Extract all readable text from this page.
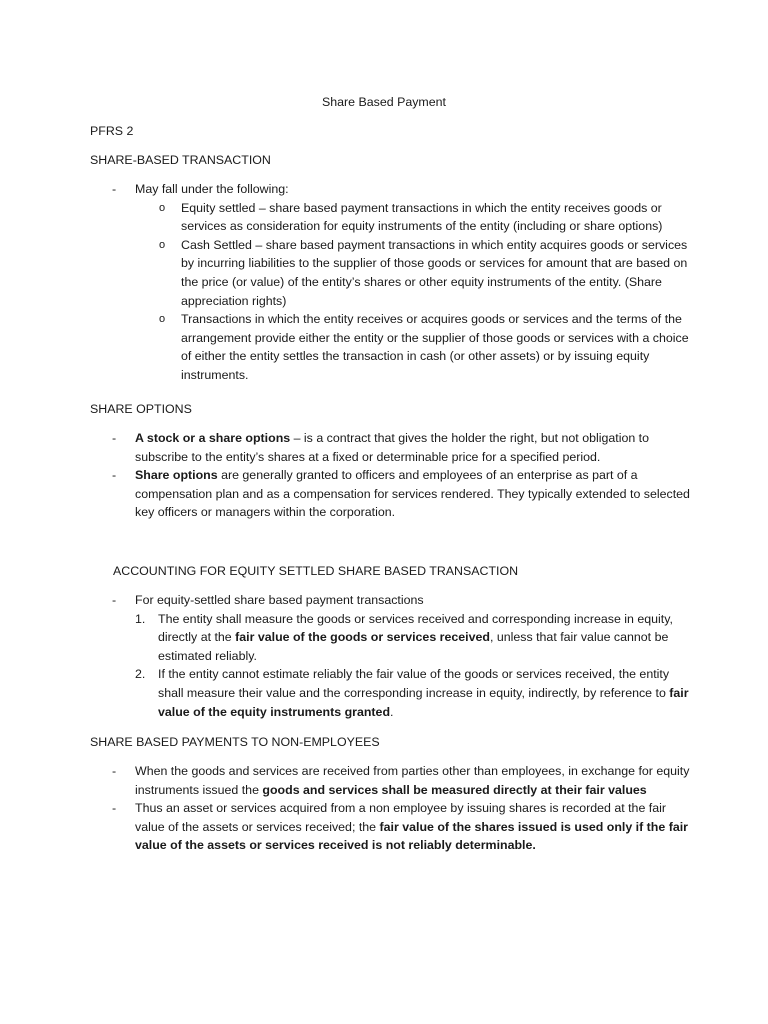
Share Based Payment
PFRS 2
SHARE-BASED TRANSACTION
- May fall under the following:
o Equity settled – share based payment transactions in which the entity receives goods or services as consideration for equity instruments of the entity (including or share options)
o Cash Settled – share based payment transactions in which entity acquires goods or services by incurring liabilities to the supplier of those goods or services for amount that are based on the price (or value) of the entity’s shares or other equity instruments of the entity. (Share appreciation rights)
o Transactions in which the entity receives or acquires goods or services and the terms of the arrangement provide either the entity or the supplier of those goods or services with a choice of either the entity settles the transaction in cash (or other assets) or by issuing equity instruments.
SHARE OPTIONS
- A stock or a share options – is a contract that gives the holder the right, but not obligation to subscribe to the entity’s shares at a fixed or determinable price for a specified period.
- Share options are generally granted to officers and employees of an enterprise as part of a compensation plan and as a compensation for services rendered. They typically extended to selected key officers or managers within the corporation.
ACCOUNTING FOR EQUITY SETTLED SHARE BASED TRANSACTION
- For equity-settled share based payment transactions
1. The entity shall measure the goods or services received and corresponding increase in equity, directly at the fair value of the goods or services received, unless that fair value cannot be estimated reliably.
2. If the entity cannot estimate reliably the fair value of the goods or services received, the entity shall measure their value and the corresponding increase in equity, indirectly, by reference to fair value of the equity instruments granted.
SHARE BASED PAYMENTS TO NON-EMPLOYEES
- When the goods and services are received from parties other than employees, in exchange for equity instruments issued the goods and services shall be measured directly at their fair values
- Thus an asset or services acquired from a non employee by issuing shares is recorded at the fair value of the assets or services received; the fair value of the shares issued is used only if the fair value of the assets or services received is not reliably determinable.
